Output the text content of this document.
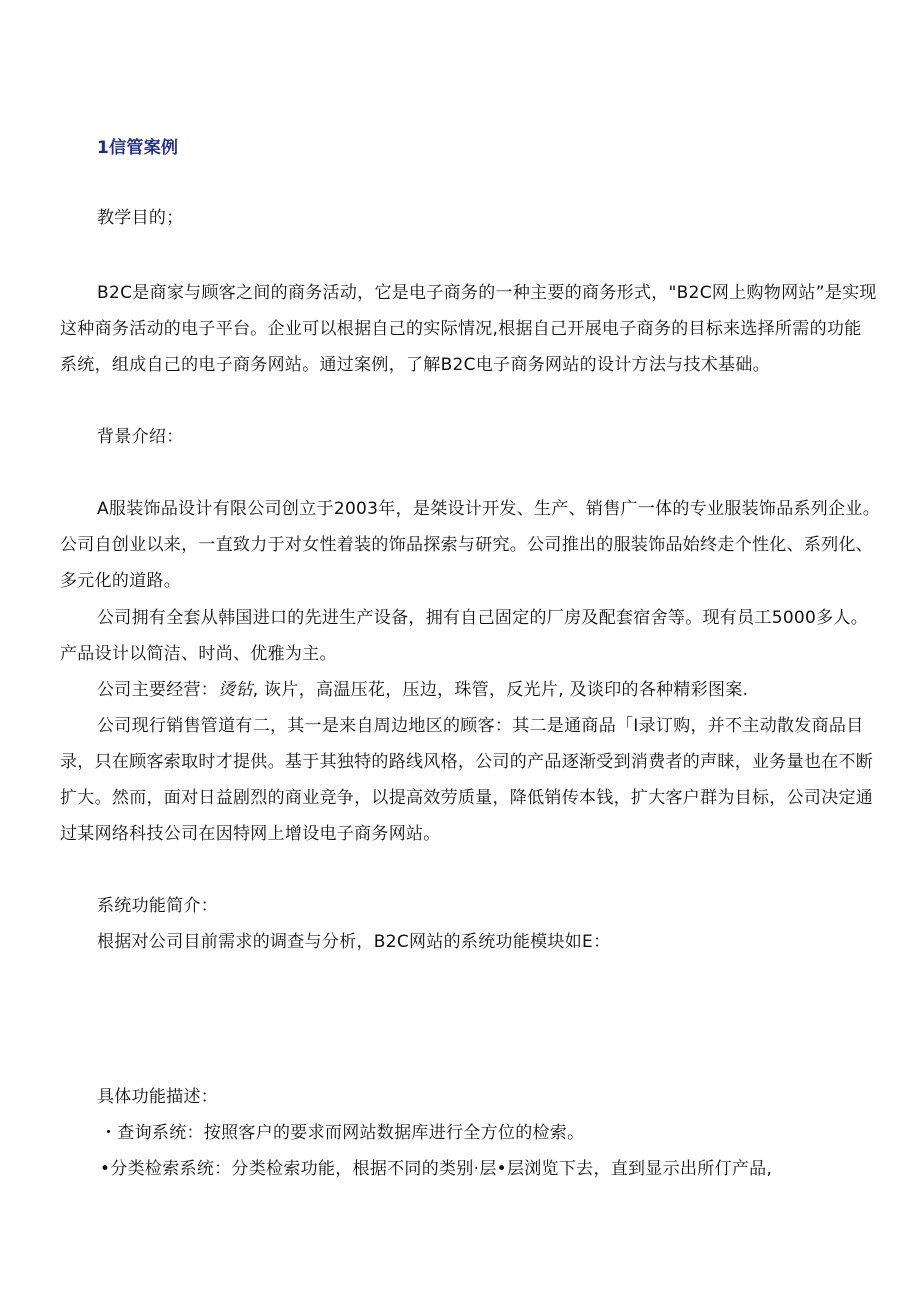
1信管案例
教学目的；
B2C是商家与顾客之间的商务活动，它是电子商务的一种主要的商务形式，"B2C网上购物网站”是实现
这种商务活动的电子平台。企业可以根据自己的实际情况,根据自己开展电子商务的目标来选择所需的功能
系统，组成自己的电子商务网站。通过案例，了解B2C电子商务网站的设计方法与技术基础。
背景介绍：
A服装饰品设计有限公司创立于2003年，是桀设计开发、生产、销售广一体的专业服装饰品系列企业。
公司自创业以来，一直致力于对女性着装的饰品探索与研究。公司推出的服装饰品始终走个性化、系列化、
多元化的道路。
公司拥有全套从韩国进口的先进生产设备，拥有自己固定的厂房及配套宿舍等。现有员工5000多人。
产品设计以简洁、时尚、优雅为主。
公司主要经营：烫钻, 诙片，高温压花，压边，珠管，反光片, 及谈印的各种精彩图案.
公司现行销售管道有二，其一是来自周边地区的顾客：其二是通商品「I录订购，并不主动散发商品目
录，只在顾客索取时才提供。基于其独特的路线风格，公司的产品逐渐受到消费者的声睐，业务量也在不断
扩大。然而，面对日益剧烈的商业竞争，以提高效劳质量，降低销传本钱，扩大客户群为目标，公司决定通
过某网络科技公司在因特网上增设电子商务网站。
系统功能简介：
根据对公司目前需求的调查与分析，B2C网站的系统功能模块如E：
具体功能描述：
・查询系统：按照客户的要求而网站数据库进行全方位的检索。
•分类检索系统：分类检索功能，根据不同的类别·层•层浏览下去，直到显示出所仃产品,
